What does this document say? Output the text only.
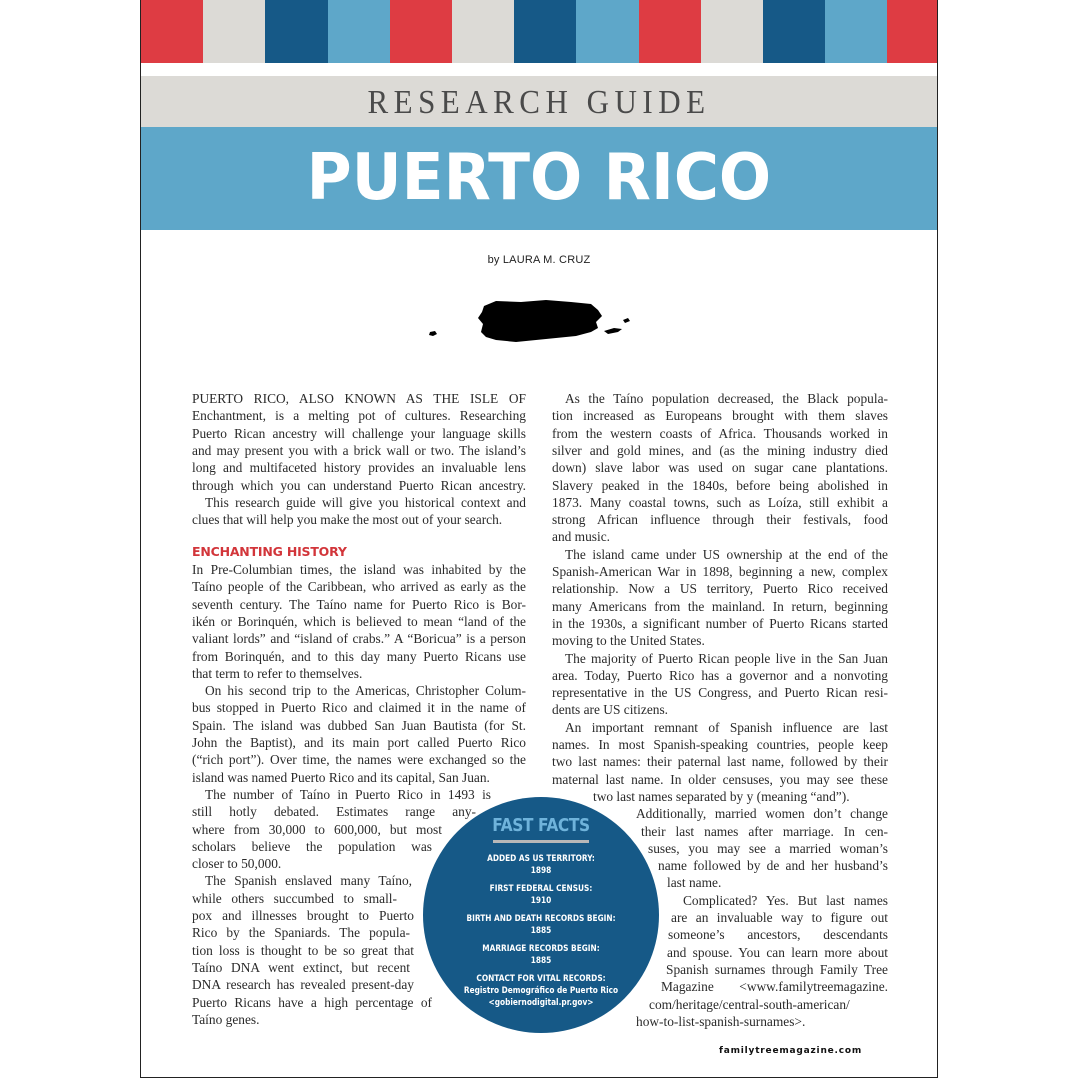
RESEARCH GUIDE
PUERTO RICO
by LAURA M. CRUZ
PUERTO RICO, ALSO KNOWN AS THE ISLE OF
Enchantment, is a melting pot of cultures. Researching
Puerto Rican ancestry will challenge your language skills
and may present you with a brick wall or two. The island’s
long and multifaceted history provides an invaluable lens
through which you can understand Puerto Rican ancestry.
This research guide will give you historical context and
clues that will help you make the most out of your search.
In Pre-Columbian times, the island was inhabited by the
Taíno people of the Caribbean, who arrived as early as the
seventh century. The Taíno name for Puerto Rico is Bor-
ikén or Borinquén, which is believed to mean “land of the
valiant lords” and “island of crabs.” A “Boricua” is a person
from Borinquén, and to this day many Puerto Ricans use
that term to refer to themselves.
On his second trip to the Americas, Christopher Colum-
bus stopped in Puerto Rico and claimed it in the name of
Spain. The island was dubbed San Juan Bautista (for St.
John the Baptist), and its main port called Puerto Rico
(“rich port”). Over time, the names were exchanged so the
island was named Puerto Rico and its capital, San Juan.
The number of Taíno in Puerto Rico in 1493 is
still hotly debated. Estimates range any-
where from 30,000 to 600,000, but most
scholars believe the population was
closer to 50,000.
The Spanish enslaved many Taíno,
while others succumbed to small-
pox and illnesses brought to Puerto
Rico by the Spaniards. The popula-
tion loss is thought to be so great that
Taíno DNA went extinct, but recent
DNA research has revealed present-day
Puerto Ricans have a high percentage of
Taíno genes.
ENCHANTING HISTORY
As the Taíno population decreased, the Black popula-
tion increased as Europeans brought with them slaves
from the western coasts of Africa. Thousands worked in
silver and gold mines, and (as the mining industry died
down) slave labor was used on sugar cane plantations.
Slavery peaked in the 1840s, before being abolished in
1873. Many coastal towns, such as Loíza, still exhibit a
strong African influence through their festivals, food
and music.
The island came under US ownership at the end of the
Spanish-American War in 1898, beginning a new, complex
relationship. Now a US territory, Puerto Rico received
many Americans from the mainland. In return, beginning
in the 1930s, a significant number of Puerto Ricans started
moving to the United States.
The majority of Puerto Rican people live in the San Juan
area. Today, Puerto Rico has a governor and a nonvoting
representative in the US Congress, and Puerto Rican resi-
dents are US citizens.
An important remnant of Spanish influence are last
names. In most Spanish-speaking countries, people keep
two last names: their paternal last name, followed by their
maternal last name. In older censuses, you may see these
two last names separated by y (meaning “and”).
Additionally, married women don’t change
their last names after marriage. In cen-
suses, you may see a married woman’s
name followed by de and her husband’s
last name.
Complicated? Yes. But last names
are an invaluable way to figure out
someone’s ancestors, descendants
and spouse. You can learn more about
Spanish surnames through Family Tree
Magazine <www.familytreemagazine.
com/heritage/central-south-american/
how-to-list-spanish-surnames>.
FAST FACTS
ADDED AS US TERRITORY:
1898
FIRST FEDERAL CENSUS:
1910
BIRTH AND DEATH RECORDS BEGIN:
1885
MARRIAGE RECORDS BEGIN:
1885
CONTACT FOR VITAL RECORDS:
Registro Demográfico de Puerto Rico
<gobiernodigital.pr.gov>
familytreemagazine.com
